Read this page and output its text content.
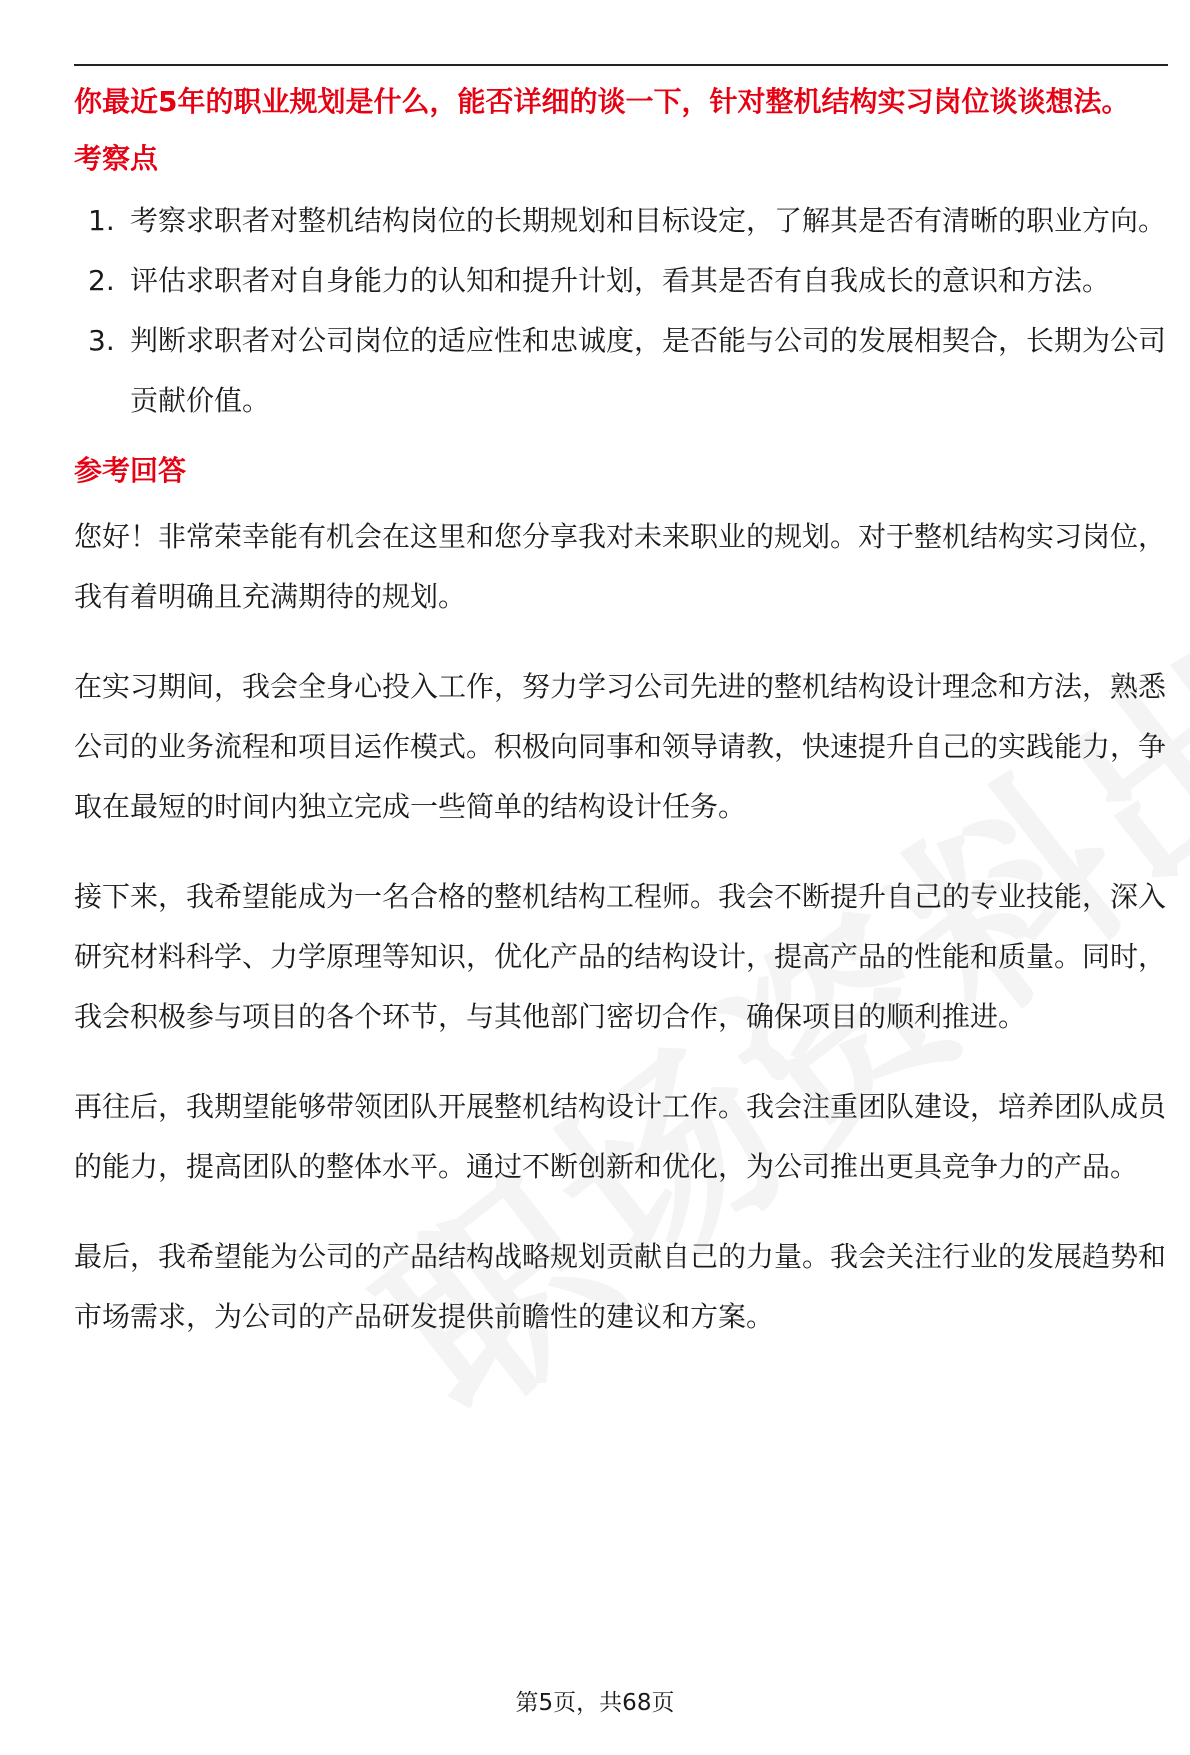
你最近5年的职业规划是什么，能否详细的谈一下，针对整机结构实习岗位谈谈想法。

考察点
1. 考察求职者对整机结构岗位的长期规划和目标设定，了解其是否有清晰的职业方向。
2. 评估求职者对自身能力的认知和提升计划，看其是否有自我成长的意识和方法。
3. 判断求职者对公司岗位的适应性和忠诚度，是否能与公司的发展相契合，长期为公司贡献价值。
参考回答

您好！非常荣幸能有机会在这里和您分享我对未来职业的规划。对于整机结构实习岗位，我有着明确且充满期待的规划。

在实习期间，我会全身心投入工作，努力学习公司先进的整机结构设计理念和方法，熟悉公司的业务流程和项目运作模式。积极向同事和领导请教，快速提升自己的实践能力，争取在最短的时间内独立完成一些简单的结构设计任务。

接下来，我希望能成为一名合格的整机结构工程师。我会不断提升自己的专业技能，深入研究材料科学、力学原理等知识，优化产品的结构设计，提高产品的性能和质量。同时，我会积极参与项目的各个环节，与其他部门密切合作，确保项目的顺利推进。

再往后，我期望能够带领团队开展整机结构设计工作。我会注重团队建设，培养团队成员的能力，提高团队的整体水平。通过不断创新和优化，为公司推出更具竞争力的产品。

最后，我希望能为公司的产品结构战略规划贡献自己的力量。我会关注行业的发展趋势和市场需求，为公司的产品研发提供前瞻性的建议和方案。

第5页，共68页
